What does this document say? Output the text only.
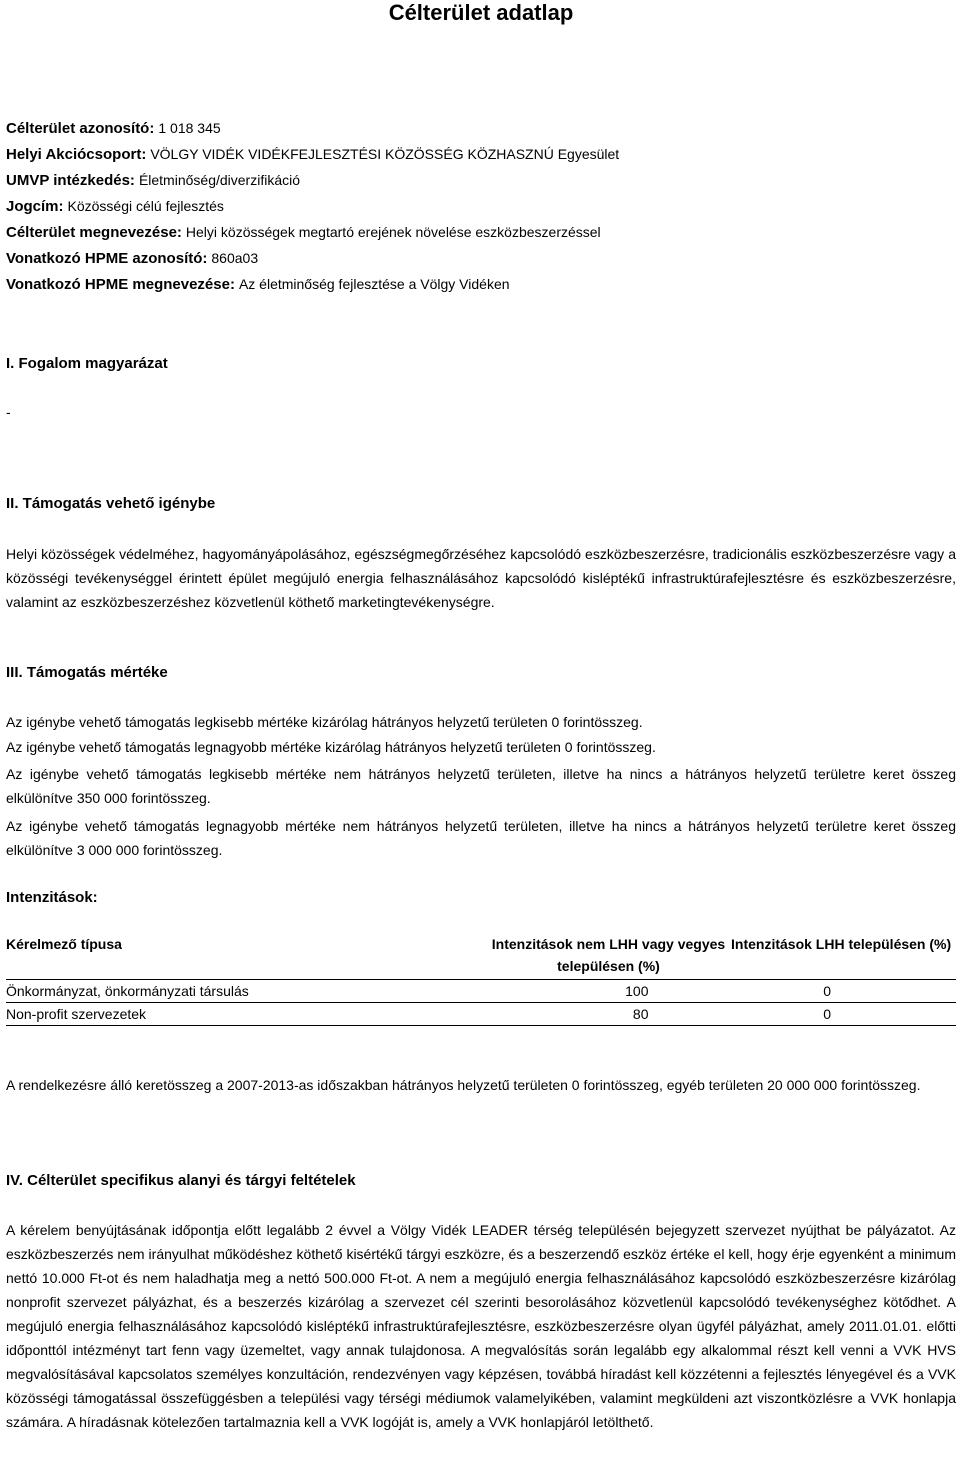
Célterület adatlap
Célterület azonosító: 1 018 345
Helyi Akciócsoport: VÖLGY VIDÉK VIDÉKFEJLESZTÉSI KÖZÖSSÉG KÖZHASZNÚ Egyesület
UMVP intézkedés: Életminőség/diverzifikáció
Jogcím: Közösségi célú fejlesztés
Célterület megnevezése: Helyi közösségek megtartó erejének növelése eszközbeszerzéssel
Vonatkozó HPME azonosító: 860a03
Vonatkozó HPME megnevezése: Az életminőség fejlesztése a Völgy Vidéken
I. Fogalom magyarázat
-
II. Támogatás vehető igénybe
Helyi közösségek védelméhez, hagyományápolásához, egészségmegőrzéséhez kapcsolódó eszközbeszerzésre, tradicionális eszközbeszerzésre vagy a közösségi tevékenységgel érintett épület megújuló energia felhasználásához kapcsolódó kisléptékű infrastruktúrafejlesztésre és eszközbeszerzésre, valamint az eszközbeszerzéshez közvetlenül köthető marketingtevékenységre.
III. Támogatás mértéke
Az igénybe vehető támogatás legkisebb mértéke kizárólag hátrányos helyzetű területen 0 forintösszeg.
Az igénybe vehető támogatás legnagyobb mértéke kizárólag hátrányos helyzetű területen 0 forintösszeg.
Az igénybe vehető támogatás legkisebb mértéke nem hátrányos helyzetű területen, illetve ha nincs a hátrányos helyzetű területre keret összeg elkülönítve 350 000 forintösszeg.
Az igénybe vehető támogatás legnagyobb mértéke nem hátrányos helyzetű területen, illetve ha nincs a hátrányos helyzetű területre keret összeg elkülönítve 3 000 000 forintösszeg.
Intenzitások:
Kérelmező típusa	Intenzitások nem LHH vagy vegyes településen (%)	Intenzitások LHH településen (%)
Önkormányzat, önkormányzati társulás	100	0
Non-profit szervezetek	80	0
A rendelkezésre álló keretösszeg a 2007-2013-as időszakban hátrányos helyzetű területen 0 forintösszeg, egyéb területen 20 000 000 forintösszeg.
IV. Célterület specifikus alanyi és tárgyi feltételek
A kérelem benyújtásának időpontja előtt legalább 2 évvel a Völgy Vidék LEADER térség településén bejegyzett szervezet nyújthat be pályázatot. Az eszközbeszerzés nem irányulhat működéshez köthető kisértékű tárgyi eszközre, és a beszerzendő eszköz értéke el kell, hogy érje egyenként a minimum nettó 10.000 Ft-ot és nem haladhatja meg a nettó 500.000 Ft-ot. A nem a megújuló energia felhasználásához kapcsolódó eszközbeszerzésre kizárólag nonprofit szervezet pályázhat, és a beszerzés kizárólag a szervezet cél szerinti besorolásához közvetlenül kapcsolódó tevékenységhez kötődhet. A megújuló energia felhasználásához kapcsolódó kisléptékű infrastruktúrafejlesztésre, eszközbeszerzésre olyan ügyfél pályázhat, amely 2011.01.01. előtti időponttól intézményt tart fenn vagy üzemeltet, vagy annak tulajdonosa. A megvalósítás során legalább egy alkalommal részt kell venni a VVK HVS megvalósításával kapcsolatos személyes konzultáción, rendezvényen vagy képzésen, továbbá híradást kell közzétenni a fejlesztés lényegével és a VVK közösségi támogatással összefüggésben a települési vagy térségi médiumok valamelyikében, valamint megküldeni azt viszontközlésre a VVK honlapja számára. A híradásnak kötelezően tartalmaznia kell a VVK logóját is, amely a VVK honlapjáról letölthető.
